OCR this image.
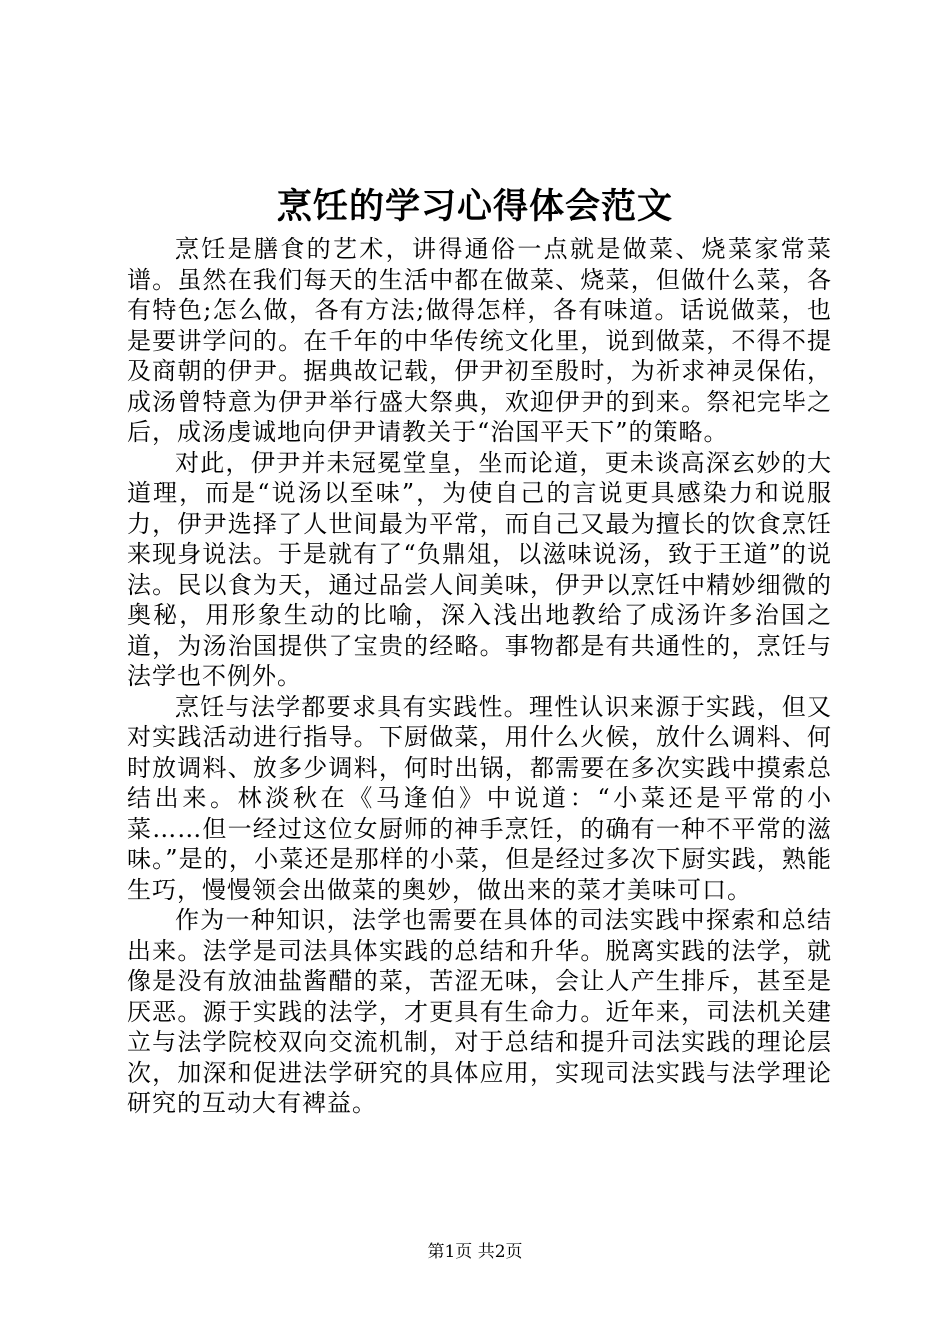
烹饪的学习心得体会范文

烹饪是膳食的艺术，讲得通俗一点就是做菜、烧菜家常菜谱。虽然在我们每天的生活中都在做菜、烧菜，但做什么菜，各有特色;怎么做，各有方法;做得怎样，各有味道。话说做菜，也是要讲学问的。在千年的中华传统文化里，说到做菜，不得不提及商朝的伊尹。据典故记载，伊尹初至殷时，为祈求神灵保佑，成汤曾特意为伊尹举行盛大祭典，欢迎伊尹的到来。祭祀完毕之后，成汤虔诚地向伊尹请教关于“治国平天下”的策略。

对此，伊尹并未冠冕堂皇，坐而论道，更未谈高深玄妙的大道理，而是“说汤以至味”，为使自己的言说更具感染力和说服力，伊尹选择了人世间最为平常，而自己又最为擅长的饮食烹饪来现身说法。于是就有了“负鼎俎，以滋味说汤，致于王道”的说法。民以食为天，通过品尝人间美味，伊尹以烹饪中精妙细微的奥秘，用形象生动的比喻，深入浅出地教给了成汤许多治国之道，为汤治国提供了宝贵的经略。事物都是有共通性的，烹饪与法学也不例外。

烹饪与法学都要求具有实践性。理性认识来源于实践，但又对实践活动进行指导。下厨做菜，用什么火候，放什么调料、何时放调料、放多少调料，何时出锅，都需要在多次实践中摸索总结出来。林淡秋在《马逢伯》中说道：“小菜还是平常的小菜……但一经过这位女厨师的神手烹饪，的确有一种不平常的滋味。”是的，小菜还是那样的小菜，但是经过多次下厨实践，熟能生巧，慢慢领会出做菜的奥妙，做出来的菜才美味可口。

作为一种知识，法学也需要在具体的司法实践中探索和总结出来。法学是司法具体实践的总结和升华。脱离实践的法学，就像是没有放油盐酱醋的菜，苦涩无味，会让人产生排斥，甚至是厌恶。源于实践的法学，才更具有生命力。近年来，司法机关建立与法学院校双向交流机制，对于总结和提升司法实践的理论层次，加深和促进法学研究的具体应用，实现司法实践与法学理论研究的互动大有裨益。

第1页 共2页
